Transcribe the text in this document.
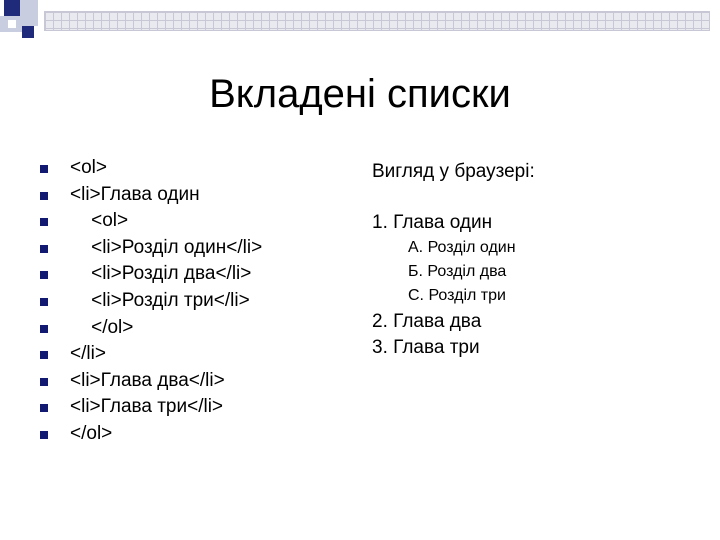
Вкладені списки
<ol>
<li>Глава один
<ol>
<li>Розділ один</li>
<li>Розділ два</li>
<li>Розділ три</li>
</ol>
</li>
<li>Глава два</li>
<li>Глава три</li>
</ol>
Вигляд у браузері:
1. Глава один
A. Розділ один
Б. Розділ два
C. Розділ три
2. Глава два
3. Глава три
